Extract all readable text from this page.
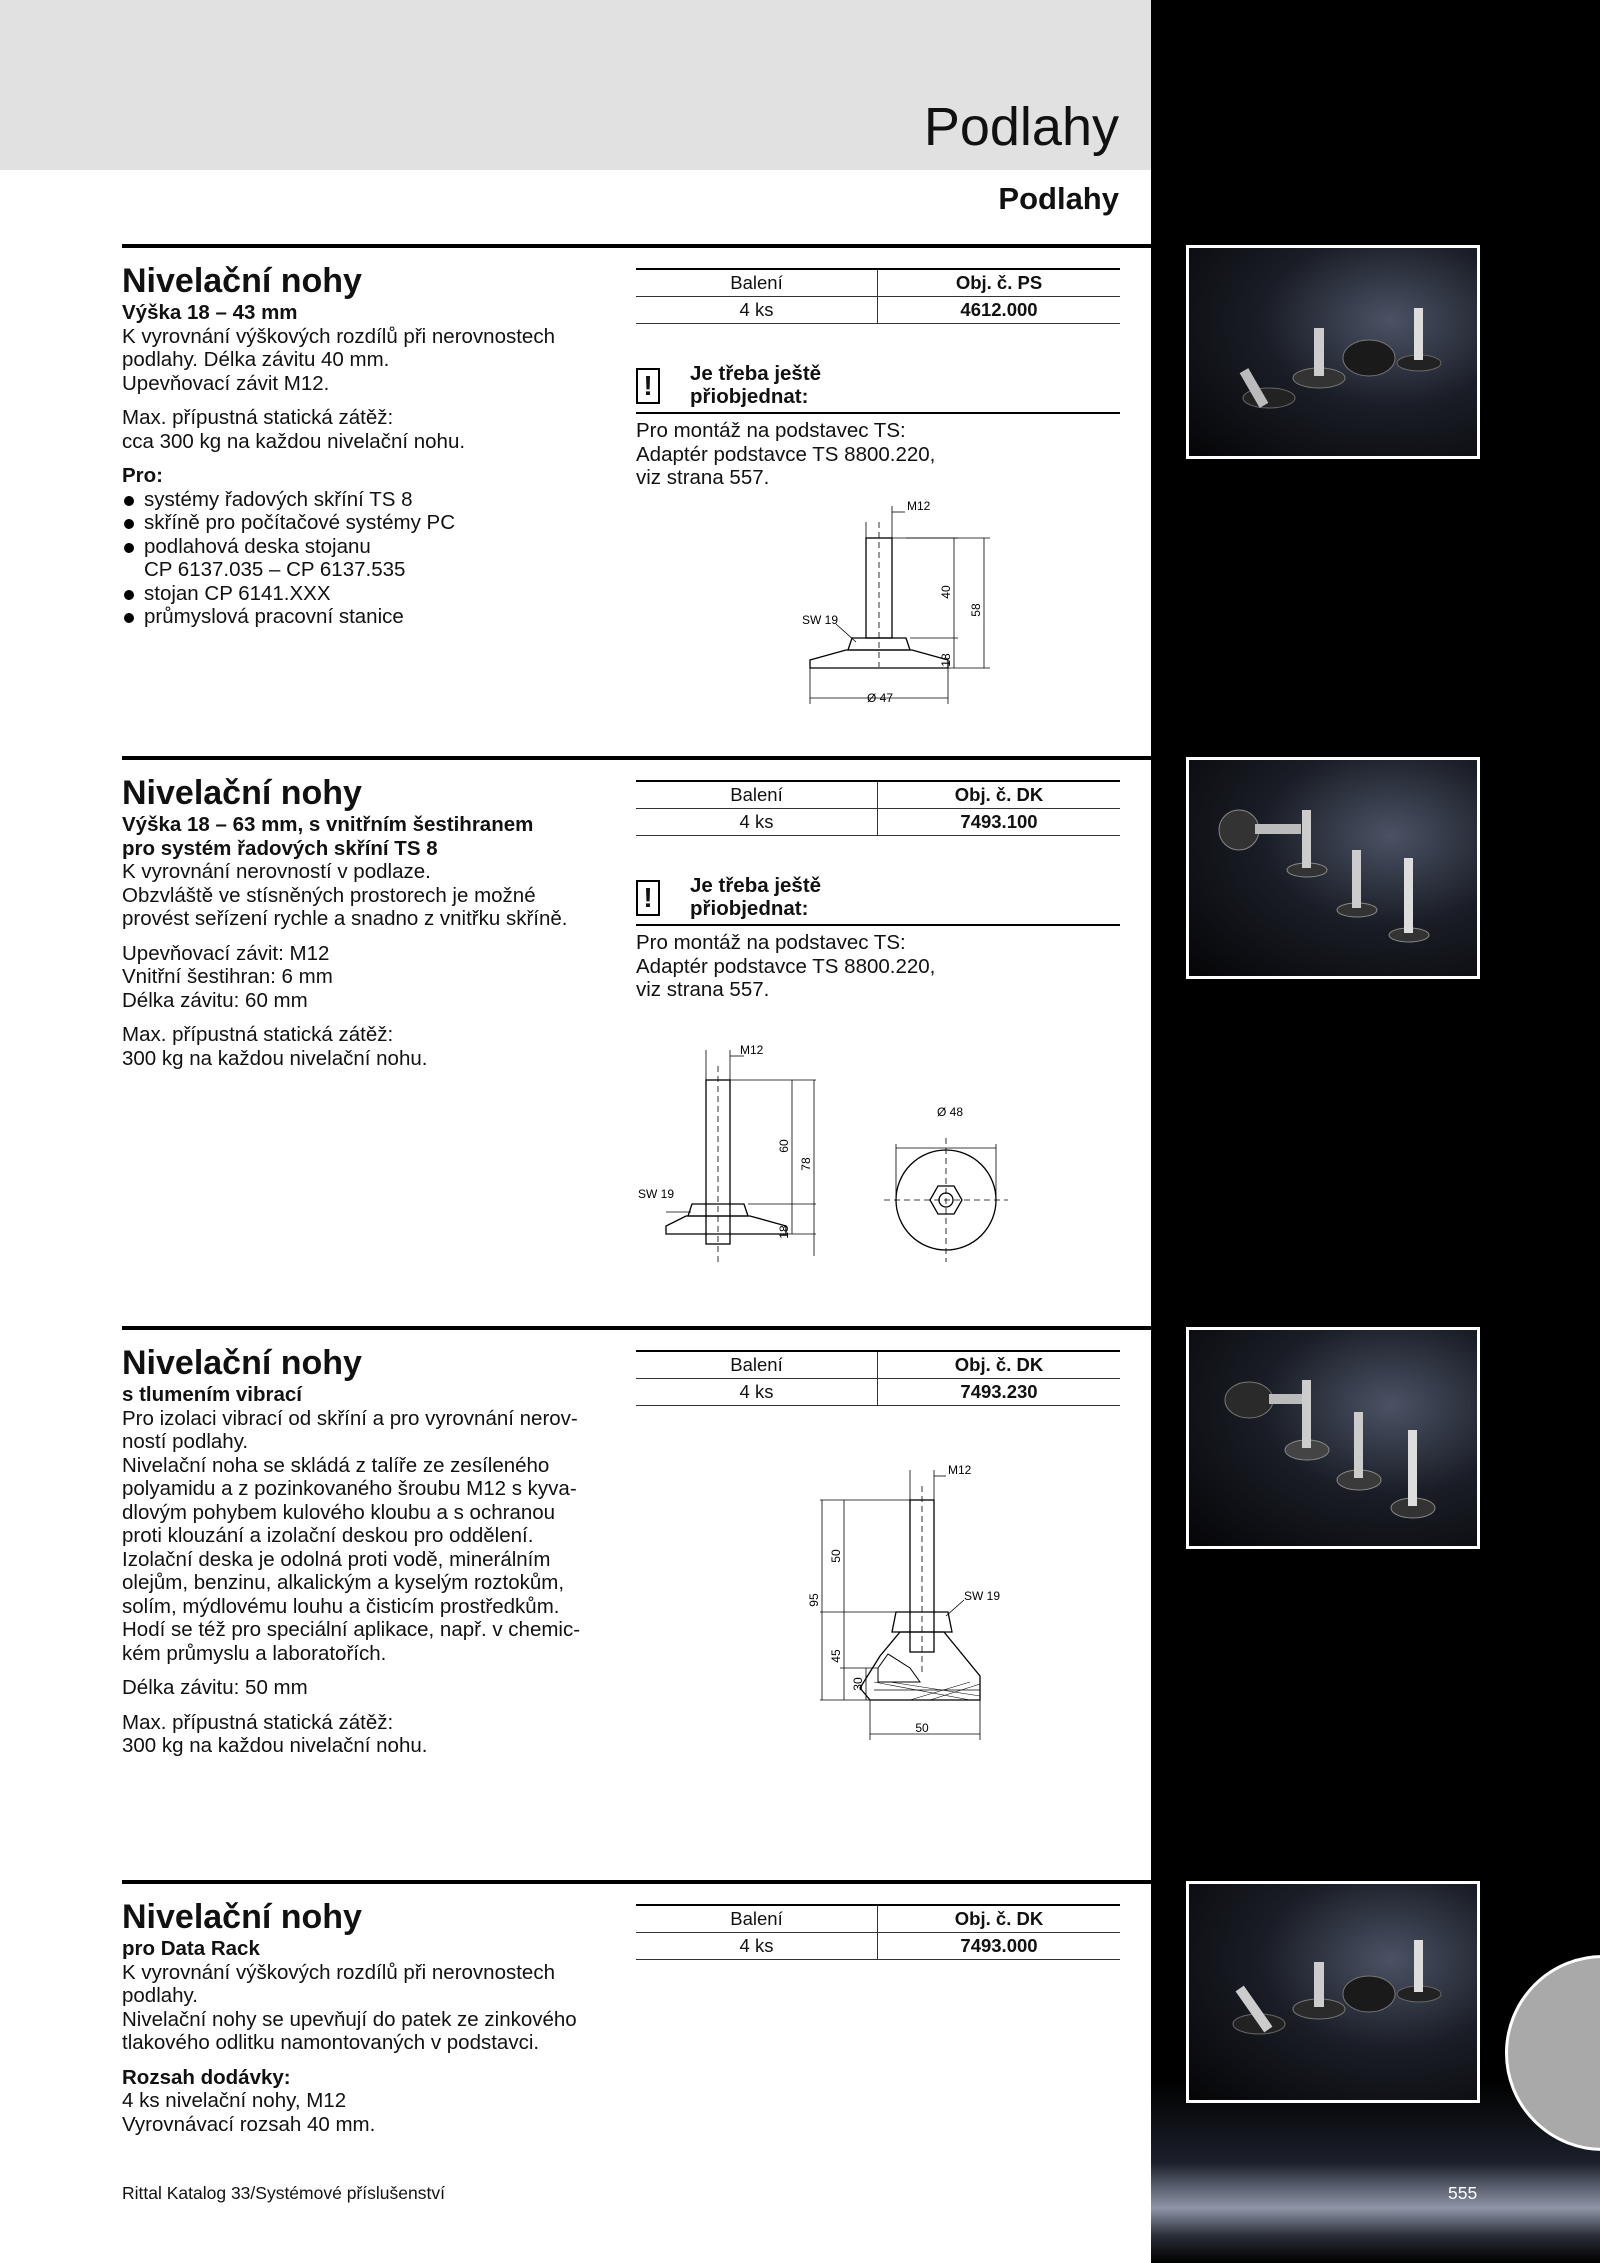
Podlahy
Podlahy
Nivelační nohy

Výška 18 – 43 mm
K vyrovnání výškových rozdílů při nerovnostech
podlahy. Délka závitu 40 mm.
Upevňovací závit M12.

Max. přípustná statická zátěž:
cca 300 kg na každou nivelační nohu.

Pro:

systémy řadových skříní TS 8
skříně pro počítačové systémy PC
podlahová deska stojanu
CP 6137.035 – CP 6137.535
stojan CP 6141.XXX
průmyslová pracovní stanice
Balení	Obj. č. PS
4 ks	4612.000
!	Je třeba ještě
přiobjednat:
Pro montáž na podstavec TS:
Adaptér podstavce TS 8800.220,
viz strana 557.
M12
SW 19
40
58
18
Ø 47
Nivelační nohy

Výška 18 – 63 mm, s vnitřním šestihranem
pro systém řadových skříní TS 8
K vyrovnání nerovností v podlaze.
Obzvláště ve stísněných prostorech je možné
provést seřízení rychle a snadno z vnitřku skříně.

Upevňovací závit: M12
Vnitřní šestihran: 6 mm
Délka závitu: 60 mm

Max. přípustná statická zátěž:
300 kg na každou nivelační nohu.

Balení	Obj. č. DK
4 ks	7493.100
!	Je třeba ještě
přiobjednat:
Pro montáž na podstavec TS:
Adaptér podstavce TS 8800.220,
viz strana 557.
M12
SW 19
60
78
18
Ø 48
Nivelační nohy

s tlumením vibrací
Pro izolaci vibrací od skříní a pro vyrovnání nerov-
ností podlahy.
Nivelační noha se skládá z talíře ze zesíleného
polyamidu a z pozinkovaného šroubu M12 s kyva-
dlovým pohybem kulového kloubu a s ochranou
proti klouzání a izolační deskou pro oddělení.
Izolační deska je odolná proti vodě, minerálním
olejům, benzinu, alkalickým a kyselým roztokům,
solím, mýdlovému louhu a čisticím prostředkům.
Hodí se též pro speciální aplikace, např. v chemic-
kém průmyslu a laboratořích.

Délka závitu: 50 mm

Max. přípustná statická zátěž:
300 kg na každou nivelační nohu.

Balení	Obj. č. DK
4 ks	7493.230
M12
SW 19
50
95
45
30
50
Nivelační nohy

pro Data Rack
K vyrovnání výškových rozdílů při nerovnostech
podlahy.
Nivelační nohy se upevňují do patek ze zinkového
tlakového odlitku namontovaných v podstavci.

Rozsah dodávky:
4 ks nivelační nohy, M12
Vyrovnávací rozsah 40 mm.

Balení	Obj. č. DK
4 ks	7493.000
Rittal Katalog 33/Systémové příslušenství	555
